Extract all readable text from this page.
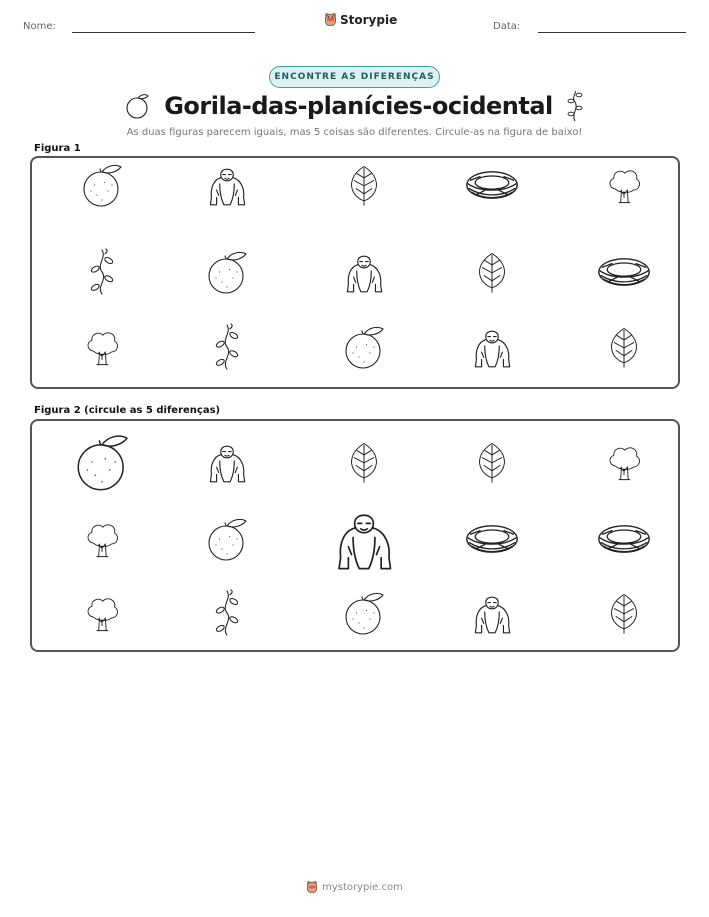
Nome:	Storypie	Data:
ENCONTRE AS DIFERENÇAS
Gorila-das-planícies-ocidental
As duas figuras parecem iguais, mas 5 coisas são diferentes. Circule-as na figura de baixo!
Figura 1
Figura 2 (circule as 5 diferenças)
mystorypie.com
